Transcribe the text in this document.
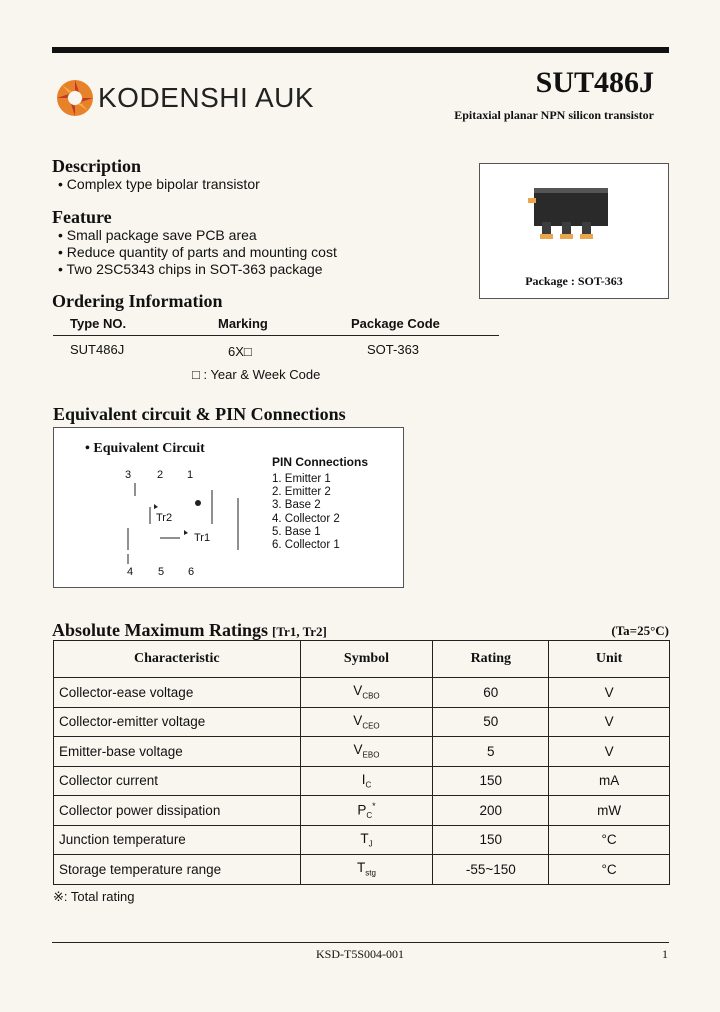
KODENSHI AUK	SUT486J
Epitaxial planar NPN silicon transistor
Description
• Complex type bipolar transistor
Feature
• Small package save PCB area
• Reduce quantity of parts and mounting cost
• Two 2SC5343 chips in SOT-363 package
Package : SOT-363
Ordering Information
Type NO.	Marking	Package Code
SUT486J	6X□	SOT-363
□ : Year & Week Code
Equivalent circuit & PIN Connections
• Equivalent Circuit
3 2 1
Tr2
Tr1
4 5 6
PIN Connections
1. Emitter 1
2. Emitter 2
3. Base 2
4. Collector 2
5. Base 1
6. Collector 1
Absolute Maximum Ratings [Tr1, Tr2]	(Ta=25°C)
Characteristic	Symbol	Rating	Unit
Collector-ease voltage	$V_{CBO}$	60	V
Collector-emitter voltage	$V_{CEO}$	50	V
Emitter-base voltage	$V_{EBO}$	5	V
Collector current	$I_C$	150	mA
Collector power dissipation	$P_C^*$	200	mW
Junction temperature	$T_J$	150	°C
Storage temperature range	$T_{stg}$	-55~150	°C
※: Total rating
KSD-T5S004-001	1
